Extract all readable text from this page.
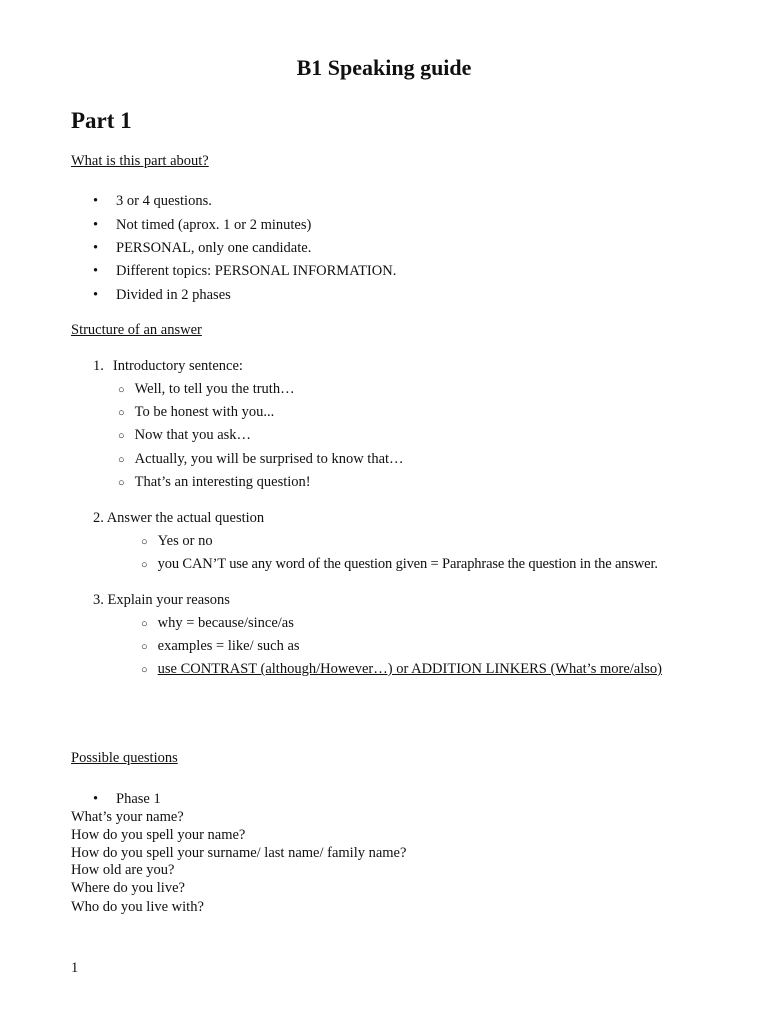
B1 Speaking guide
Part 1
What is this part about?
• 3 or 4 questions.
• Not timed (aprox. 1 or 2 minutes)
• PERSONAL, only one candidate.
• Different topics: PERSONAL INFORMATION.
• Divided in 2 phases
Structure of an answer
1. Introductory sentence:
○ Well, to tell you the truth…
○ To be honest with you...
○ Now that you ask…
○ Actually, you will be surprised to know that…
○ That’s an interesting question!
2. Answer the actual question
○ Yes or no
○ you CAN’T use any word of the question given = Paraphrase the question in the answer.
3. Explain your reasons
○ why = because/since/as
○ examples = like/ such as
○ use CONTRAST (although/However…) or ADDITION LINKERS (What’s more/also)
Possible questions
• Phase 1
What’s your name?
How do you spell your name?
How do you spell your surname/ last name/ family name?
How old are you?
Where do you live?
Who do you live with?
1
